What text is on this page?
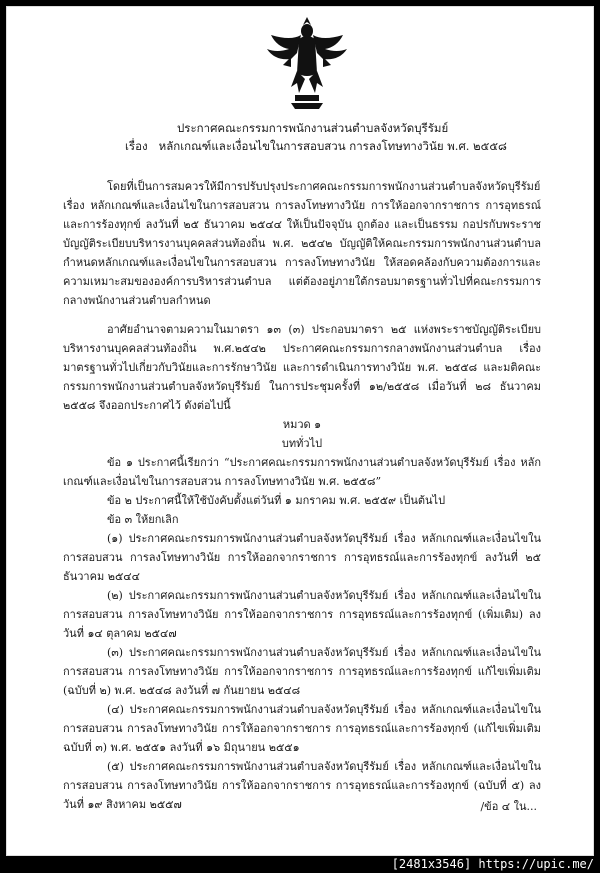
ประกาศคณะกรรมการพนักงานส่วนตำบลจังหวัดบุรีรัมย์
เรื่อง หลักเกณฑ์และเงื่อนไขในการสอบสวน การลงโทษทางวินัย พ.ศ. ๒๕๕๘

โดยที่เป็นการสมควรให้มีการปรับปรุงประกาศคณะกรรมการพนักงานส่วนตำบลจังหวัดบุรีรัมย์ เรื่อง หลักเกณฑ์และเงื่อนไขในการสอบสวน การลงโทษทางวินัย การให้ออกจากราชการ การอุทธรณ์และการร้องทุกข์ ลงวันที่ ๒๕ ธันวาคม ๒๕๔๔ ให้เป็นปัจจุบัน ถูกต้อง และเป็นธรรม กอปรกับพระราชบัญญัติระเบียบบริหารงานบุคคลส่วนท้องถิ่น พ.ศ. ๒๕๔๒ บัญญัติให้คณะกรรมการพนักงานส่วนตำบลกำหนดหลักเกณฑ์และเงื่อนไขในการสอบสวน การลงโทษทางวินัย ให้สอดคล้องกับความต้องการและความเหมาะสมขององค์การบริหารส่วนตำบล แต่ต้องอยู่ภายใต้กรอบมาตรฐานทั่วไปที่คณะกรรมการกลางพนักงานส่วนตำบลกำหนด

อาศัยอำนาจตามความในมาตรา ๑๓ (๓) ประกอบมาตรา ๒๕ แห่งพระราชบัญญัติระเบียบบริหารงานบุคคลส่วนท้องถิ่น พ.ศ.๒๕๔๒ ประกาศคณะกรรมการกลางพนักงานส่วนตำบล เรื่อง มาตรฐานทั่วไปเกี่ยวกับวินัยและการรักษาวินัย และการดำเนินการทางวินัย พ.ศ. ๒๕๕๘ และมติคณะกรรมการพนักงานส่วนตำบลจังหวัดบุรีรัมย์ ในการประชุมครั้งที่ ๑๒/๒๕๕๘ เมื่อวันที่ ๒๘ ธันวาคม ๒๕๕๘ จึงออกประกาศไว้ ดังต่อไปนี้

หมวด ๑

บททั่วไป

ข้อ ๑ ประกาศนี้เรียกว่า “ประกาศคณะกรรมการพนักงานส่วนตำบลจังหวัดบุรีรัมย์ เรื่อง หลักเกณฑ์และเงื่อนไขในการสอบสวน การลงโทษทางวินัย พ.ศ. ๒๕๕๘”

ข้อ ๒ ประกาศนี้ให้ใช้บังคับตั้งแต่วันที่ ๑ มกราคม พ.ศ. ๒๕๕๙ เป็นต้นไป

ข้อ ๓ ให้ยกเลิก

(๑) ประกาศคณะกรรมการพนักงานส่วนตำบลจังหวัดบุรีรัมย์ เรื่อง หลักเกณฑ์และเงื่อนไขในการสอบสวน การลงโทษทางวินัย การให้ออกจากราชการ การอุทธรณ์และการร้องทุกข์ ลงวันที่ ๒๕ ธันวาคม ๒๕๔๔

(๒) ประกาศคณะกรรมการพนักงานส่วนตำบลจังหวัดบุรีรัมย์ เรื่อง หลักเกณฑ์และเงื่อนไขในการสอบสวน การลงโทษทางวินัย การให้ออกจากราชการ การอุทธรณ์และการร้องทุกข์ (เพิ่มเติม) ลงวันที่ ๑๔ ตุลาคม ๒๕๔๗

(๓) ประกาศคณะกรรมการพนักงานส่วนตำบลจังหวัดบุรีรัมย์ เรื่อง หลักเกณฑ์และเงื่อนไขในการสอบสวน การลงโทษทางวินัย การให้ออกจากราชการ การอุทธรณ์และการร้องทุกข์ แก้ไขเพิ่มเติม (ฉบับที่ ๒) พ.ศ. ๒๕๔๘ ลงวันที่ ๗ กันยายน ๒๕๔๘

(๔) ประกาศคณะกรรมการพนักงานส่วนตำบลจังหวัดบุรีรัมย์ เรื่อง หลักเกณฑ์และเงื่อนไขในการสอบสวน การลงโทษทางวินัย การให้ออกจากราชการ การอุทธรณ์และการร้องทุกข์ (แก้ไขเพิ่มเติม ฉบับที่ ๓) พ.ศ. ๒๕๕๑ ลงวันที่ ๑๖ มิถุนายน ๒๕๕๑

(๕) ประกาศคณะกรรมการพนักงานส่วนตำบลจังหวัดบุรีรัมย์ เรื่อง หลักเกณฑ์และเงื่อนไขในการสอบสวน การลงโทษทางวินัย การให้ออกจากราชการ การอุทธรณ์และการร้องทุกข์ (ฉบับที่ ๕) ลงวันที่ ๑๙ สิงหาคม ๒๕๕๗	/ข้อ ๔ ใน...
[2481x3546] https://upic.me/
